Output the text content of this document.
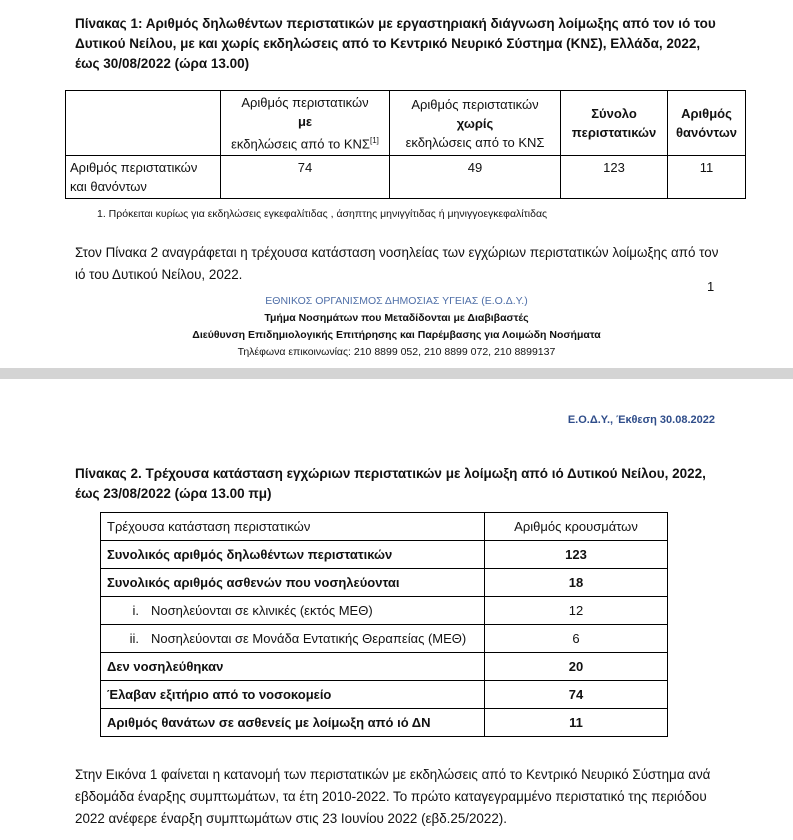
Πίνακας 1: Αριθμός δηλωθέντων περιστατικών με εργαστηριακή διάγνωση λοίμωξης από τον ιό του Δυτικού Νείλου, με και χωρίς εκδηλώσεις από το Κεντρικό Νευρικό Σύστημα (ΚΝΣ), Ελλάδα, 2022, έως 30/08/2022 (ώρα 13.00)
	Αριθμός περιστατικών
με
εκδηλώσεις από το ΚΝΣ[1]	Αριθμός περιστατικών
χωρίς
εκδηλώσεις από το ΚΝΣ	Σύνολο
περιστατικών	Αριθμός
θανόντων
Αριθμός περιστατικών
και θανόντων	74	49	123	11
1. Πρόκειται κυρίως για εκδηλώσεις εγκεφαλίτιδας , άσηπτης μηνιγγίτιδας ή μηνιγγοεγκεφαλίτιδας
Στον Πίνακα 2 αναγράφεται η τρέχουσα κατάσταση νοσηλείας των εγχώριων περιστατικών λοίμωξης από τον ιό του Δυτικού Νείλου, 2022.
1
ΕΘΝΙΚΟΣ ΟΡΓΑΝΙΣΜΟΣ ΔΗΜΟΣΙΑΣ ΥΓΕΙΑΣ (Ε.Ο.Δ.Υ.)
Τμήμα Νοσημάτων που Μεταδίδονται με Διαβιβαστές
Διεύθυνση Επιδημιολογικής Επιτήρησης και Παρέμβασης για Λοιμώδη Νοσήματα
Τηλέφωνα επικοινωνίας: 210 8899 052, 210 8899 072, 210 8899137
Ε.Ο.Δ.Υ., Έκθεση 30.08.2022
Πίνακας 2. Τρέχουσα κατάσταση εγχώριων περιστατικών με λοίμωξη από ιό Δυτικού Νείλου, 2022, έως 23/08/2022 (ώρα 13.00 πμ)
Τρέχουσα κατάσταση περιστατικών	Αριθμός κρουσμάτων
Συνολικός αριθμός δηλωθέντων περιστατικών	123
Συνολικός αριθμός ασθενών που νοσηλεύονται	18
i. Νοσηλεύονται σε κλινικές (εκτός ΜΕΘ)	12
ii. Νοσηλεύονται σε Μονάδα Εντατικής Θεραπείας (ΜΕΘ)	6
Δεν νοσηλεύθηκαν	20
Έλαβαν εξιτήριο από το νοσοκομείο	74
Αριθμός θανάτων σε ασθενείς με λοίμωξη από ιό ΔΝ	11
Στην Εικόνα 1 φαίνεται η κατανομή των περιστατικών με εκδηλώσεις από το Κεντρικό Νευρικό Σύστημα ανά εβδομάδα έναρξης συμπτωμάτων, τα έτη 2010-2022. Το πρώτο καταγεγραμμένο περιστατικό της περιόδου 2022 ανέφερε έναρξη συμπτωμάτων στις 23 Ιουνίου 2022 (εβδ.25/2022).
